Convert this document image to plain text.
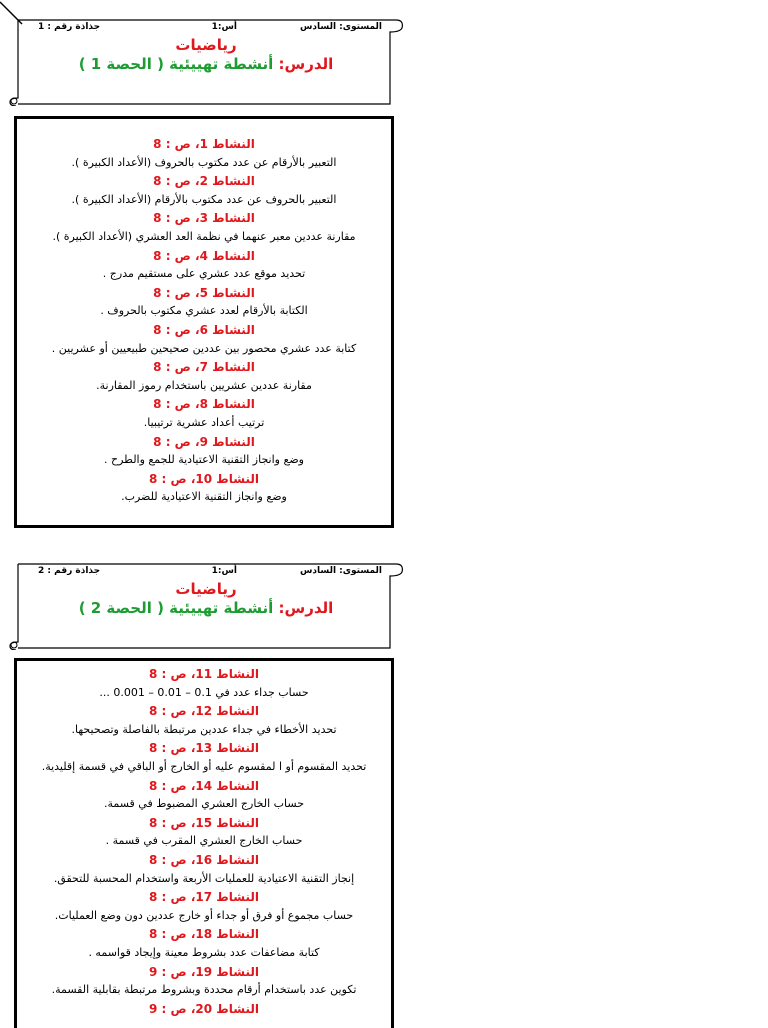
المستوى: السادس
أس:1
جذاذة رقم : 1
رياضيات
الدرس: أنشطة تهييئية ( الحصة 1 )
النشاط 1، ص : 8
التعبير بالأرقام عن عدد مكتوب بالحروف (الأعداد الكبيرة ).
النشاط 2، ص : 8
التعبير بالحروف عن عدد مكتوب بالأرقام (الأعداد الكبيرة ).
النشاط 3، ص : 8
مقارنة عددين معبر عنهما في نظمة العد العشري (الأعداد الكبيرة ).
النشاط 4، ص : 8
تحديد موقع عدد عشري على مستقيم مدرج .
النشاط 5، ص : 8
الكتابة بالأرقام لعدد عشري مكتوب بالحروف .
النشاط 6، ص : 8
كتابة عدد عشري محصور بين عددين صحيحين طبيعيين أو عشريين .
النشاط 7، ص : 8
مقارنة عددين عشريين باستخدام رموز المقارنة.
النشاط 8، ص : 8
ترتيب أعداد عشرية ترتيبيا.
النشاط 9، ص : 8
وضع وانجاز التقنية الاعتيادية للجمع والطرح .
النشاط 10، ص : 8
وضع وانجاز التقنية الاعتيادية للضرب.
المستوى: السادس
أس:1
جذاذة رقم : 2
رياضيات
الدرس: أنشطة تهييئية ( الحصة 2 )
النشاط 11، ص : 8
حساب جداء عدد في 0.1 – 0.01 – 0.001 ...
النشاط 12، ص : 8
تحديد الأخطاء في جداء عددين مرتبطة بالفاصلة وتصحيحها.
النشاط 13، ص : 8
تحديد المقسوم أو ا لمقسوم عليه أو الخارج أو الباقي في قسمة إقليدية.
النشاط 14، ص : 8
حساب الخارج العشري المضبوط في قسمة.
النشاط 15، ص : 8
حساب الخارج العشري المقرب في قسمة .
النشاط 16، ص : 8
إنجاز التقنية الاعتيادية للعمليات الأربعة واستخدام المحسبة للتحقق.
النشاط 17، ص : 8
حساب مجموع أو فرق أو جداء أو خارج عددين دون وضع العمليات.
النشاط 18، ص : 8
كتابة مضاعفات عدد بشروط معينة وإيجاد قواسمه .
النشاط 19، ص : 9
تكوين عدد باستخدام أرقام محددة وبشروط مرتبطة بقابلية القسمة.
النشاط 20، ص : 9
